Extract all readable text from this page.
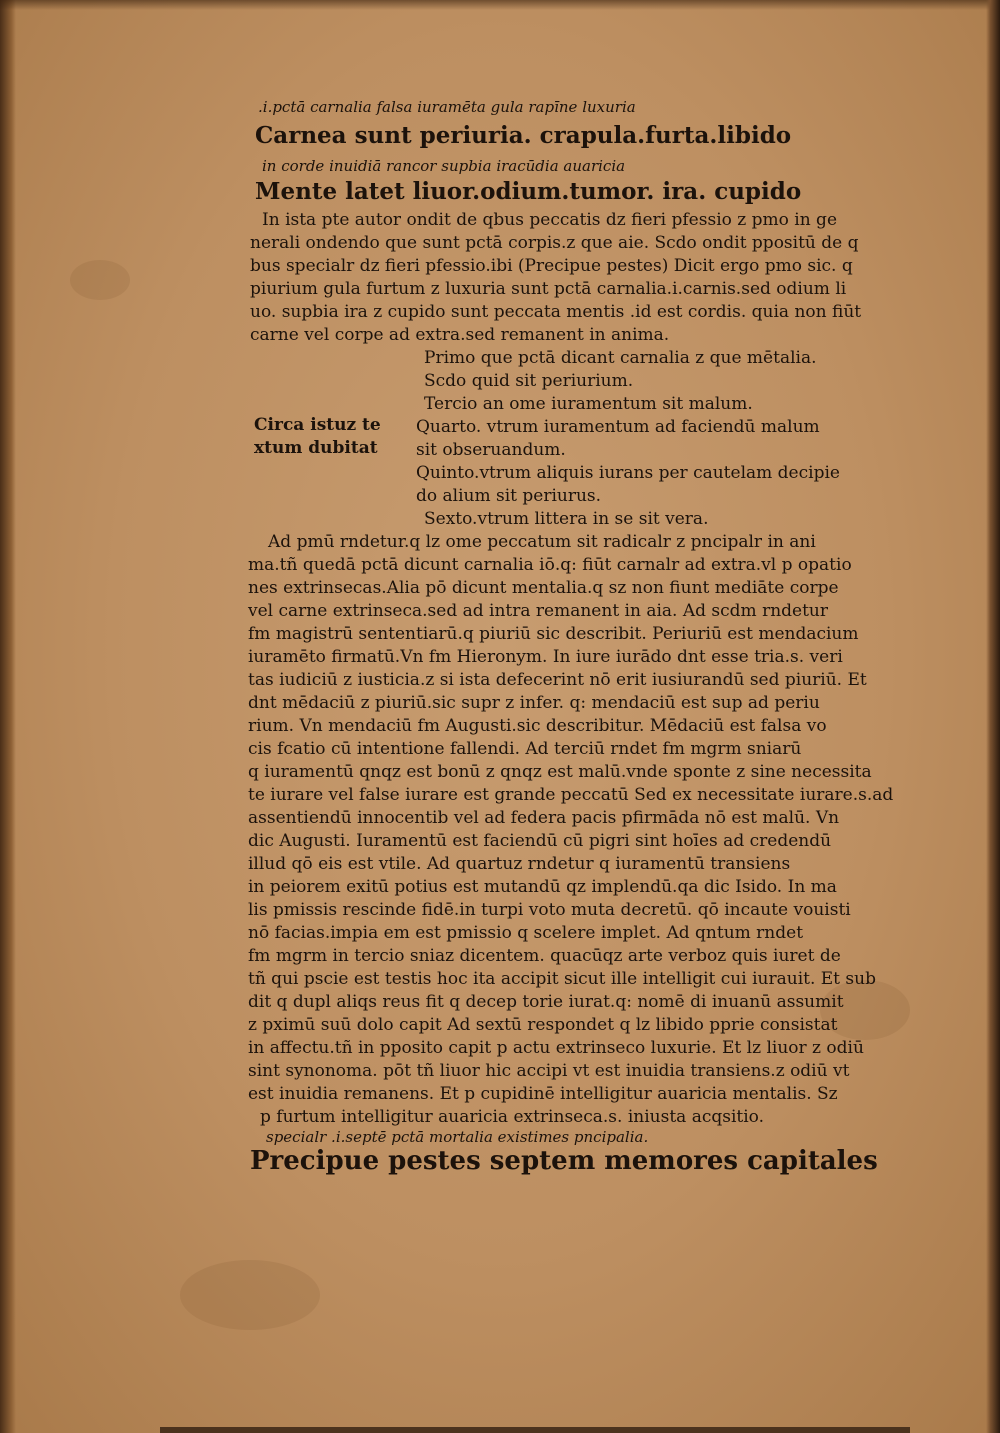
.i.pctā carnalia falsa iuramēta gula rapīne luxuria
Carnea sunt periuria. crapula.furta.libido
in corde inuidiā rancor supbia iracūdia auaricia
Mente latet liuor.odium.tumor. ira. cupido
In ista pte autor ondit de qbus peccatis dz fieri pfessio z pmo in ge
nerali ondendo que sunt pctā corpis.z que aie. Scdo ondit ppositū de q
bus specialr dz fieri pfessio.ibi (Precipue pestes) Dicit ergo pmo sic. q
piurium gula furtum z luxuria sunt pctā carnalia.i.carnis.sed odium li
uo. supbia ira z cupido sunt peccata mentis .id est cordis. quia non fiūt
carne vel corpe ad extra.sed remanent in anima.
Circa istuz te
xtum dubitat
Primo que pctā dicant carnalia z que mētalia.
Scdo quid sit periurium.
Tercio an ome iuramentum sit malum.
Quarto. vtrum iuramentum ad faciendū malum
sit obseruandum.
Quinto.vtrum aliquis iurans per cautelam decipie
do alium sit periurus.
Sexto.vtrum littera in se sit vera.
Ad pmū rndetur.q lz ome peccatum sit radicalr z pncipalr in ani
ma.tñ quedā pctā dicunt carnalia iō.q: fiūt carnalr ad extra.vl p opatio
nes extrinsecas.Alia pō dicunt mentalia.q sz non fiunt mediāte corpe
vel carne extrinseca.sed ad intra remanent in aia. Ad scdm rndetur
fm magistrū sententiarū.q piuriū sic describit. Periuriū est mendacium
iuramēto firmatū.Vn fm Hieronym. In iure iurādo dnt esse tria.s. veri
tas iudiciū z iusticia.z si ista defecerint nō erit iusiurandū sed piuriū. Et
dnt mēdaciū z piuriū.sic supr z infer. q: mendaciū est sup ad periu
rium. Vn mendaciū fm Augusti.sic describitur. Mēdaciū est falsa vo
cis fcatio cū intentione fallendi. Ad terciū rndet fm mgrm sniarū
q iuramentū qnqz est bonū z qnqz est malū.vnde sponte z sine necessita
te iurare vel false iurare est grande peccatū Sed ex necessitate iurare.s.ad
assentiendū innocentib vel ad federa pacis pfirmāda nō est malū. Vn
dic Augusti. Iuramentū est faciendū cū pigri sint hoīes ad credendū
illud qō eis est vtile. Ad quartuz rndetur q iuramentū transiens
in peiorem exitū potius est mutandū qz implendū.qa dic Isido. In ma
lis pmissis rescinde fidē.in turpi voto muta decretū. qō incaute vouisti
nō facias.impia em est pmissio q scelere implet. Ad qntum rndet
fm mgrm in tercio sniaz dicentem. quacūqz arte verboz quis iuret de
tñ qui pscie est testis hoc ita accipit sicut ille intelligit cui iurauit. Et sub
dit q dupl aliqs reus fit q decep torie iurat.q: nomē di inuanū assumit
z pximū suū dolo capit Ad sextū respondet q lz libido pprie consistat
in affectu.tñ in pposito capit p actu extrinseco luxurie. Et lz liuor z odiū
sint synonoma. pōt tñ liuor hic accipi vt est inuidia transiens.z odiū vt
est inuidia remanens. Et p cupidinē intelligitur auaricia mentalis. Sz
p furtum intelligitur auaricia extrinseca.s. iniusta acqsitio.
specialr .i.septē pctā mortalia existimes pncipalia.
Precipue pestes septem memores capitales
